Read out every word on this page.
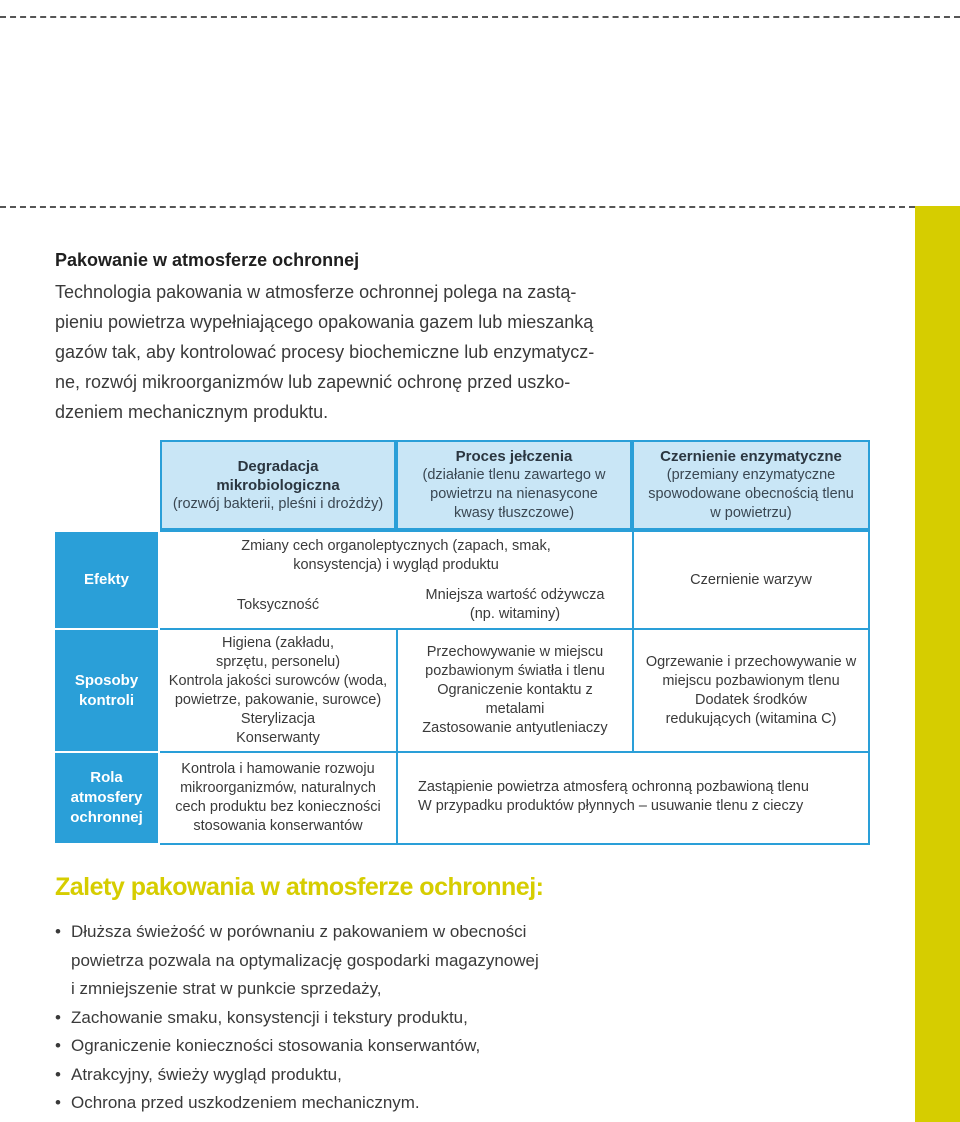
Pakowanie w atmosferze ochronnej
Technologia pakowania w atmosferze ochronnej polega na zastą-
pieniu powietrza wypełniającego opakowania gazem lub mieszanką
gazów tak, aby kontrolować procesy biochemiczne lub enzymatycz-
ne, rozwój mikroorganizmów lub zapewnić ochronę przed uszko-
dzeniem mechanicznym produktu.
Degradacja mikrobiologiczna
(rozwój bakterii, pleśni i drożdży)
Proces jełczenia
(działanie tlenu zawartego w powietrzu na nienasycone kwasy tłuszczowe)
Czernienie enzymatyczne
(przemiany enzymatyczne spowodowane obecnością tlenu w powietrzu)
Efekty
Sposoby kontroli
Rola atmosfery ochronnej
Zmiany cech organoleptycznych (zapach, smak, konsystencja) i wygląd produktu
Toksyczność
Mniejsza wartość odżywcza (np. witaminy)
Czernienie warzyw
Higiena (zakładu, sprzętu, personelu)
Kontrola jakości surowców (woda, powietrze, pakowanie, surowce)
Sterylizacja
Konserwanty
Przechowywanie w miejscu pozbawionym światła i tlenu
Ograniczenie kontaktu z metalami
Zastosowanie antyutleniaczy
Ogrzewanie i przechowywanie w miejscu pozbawionym tlenu
Dodatek środków redukujących (witamina C)
Kontrola i hamowanie rozwoju mikroorganizmów, naturalnych cech produktu bez konieczności stosowania konserwantów
Zastąpienie powietrza atmosferą ochronną pozbawioną tlenu
W przypadku produktów płynnych – usuwanie tlenu z cieczy
Zalety pakowania w atmosferze ochronnej:
• Dłuższa świeżość w porównaniu z pakowaniem w obecności
powietrza pozwala na optymalizację gospodarki magazynowej
i zmniejszenie strat w punkcie sprzedaży,
• Zachowanie smaku, konsystencji i tekstury produktu,
• Ograniczenie konieczności stosowania konserwantów,
• Atrakcyjny, świeży wygląd produktu,
• Ochrona przed uszkodzeniem mechanicznym.
